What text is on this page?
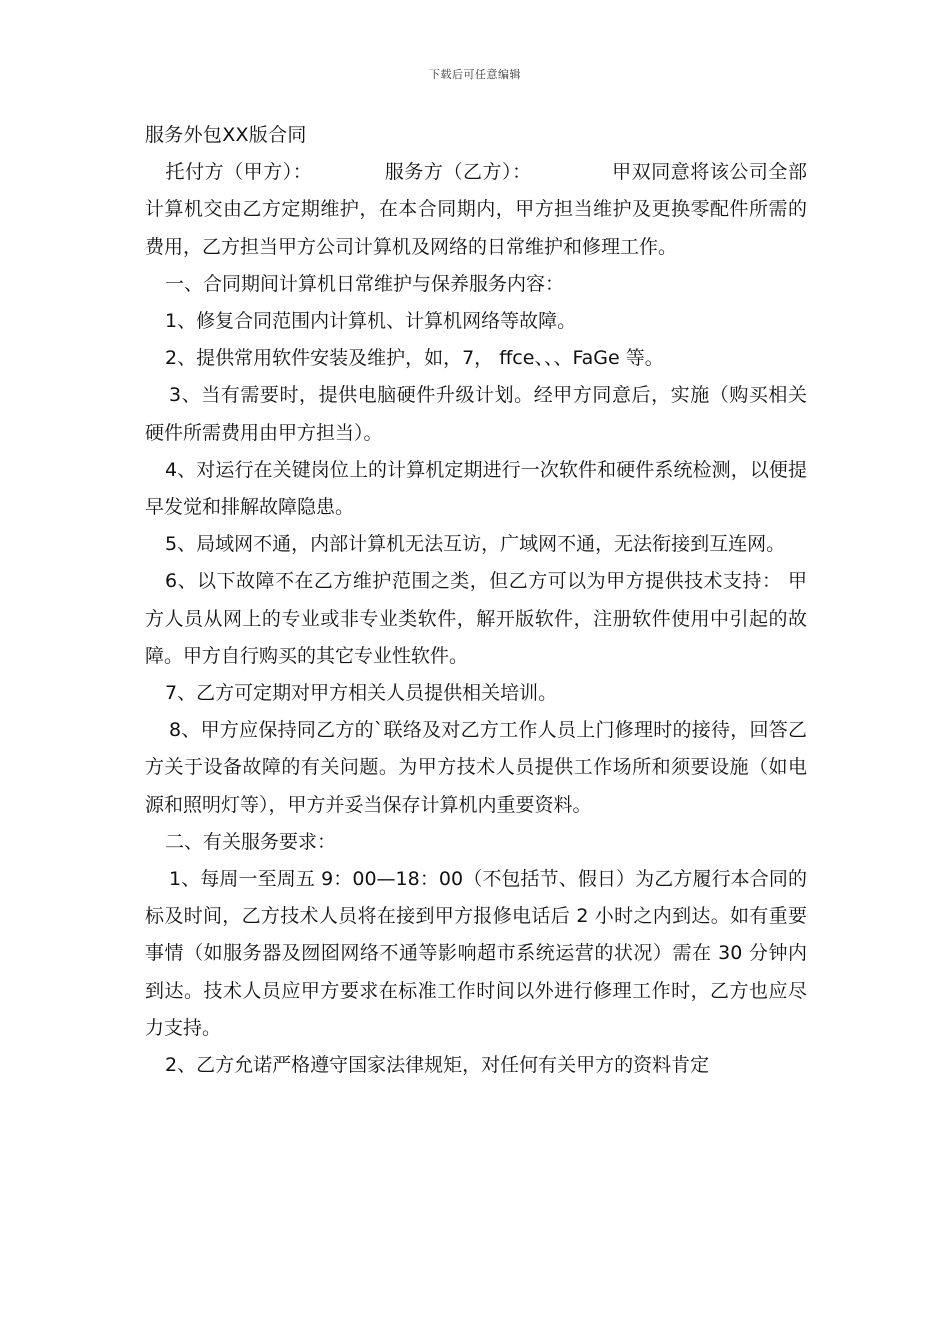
下载后可任意编辑

服务外包XX版合同

托付方（甲方）：	服务方（乙方）：	甲双同意将该公司全部计算机交由乙方定期维护，在本合同期内，甲方担当维护及更换零配件所需的费用，乙方担当甲方公司计算机及网络的日常维护和修理工作。

一、合同期间计算机日常维护与保养服务内容：

1、修复合同范围内计算机、计算机网络等故障。

2、提供常用软件安装及维护，如，7， ffce、、、FaGe 等。

3、当有需要时，提供电脑硬件升级计划。经甲方同意后，实施（购买相关硬件所需费用由甲方担当）。

4、对运行在关键岗位上的计算机定期进行一次软件和硬件系统检测，以便提早发觉和排解故障隐患。

5、局域网不通，内部计算机无法互访，广域网不通，无法衔接到互连网。

6、以下故障不在乙方维护范围之类，但乙方可以为甲方提供技术支持： 甲方人员从网上的专业或非专业类软件，解开版软件，注册软件使用中引起的故障。甲方自行购买的其它专业性软件。

7、乙方可定期对甲方相关人员提供相关培训。

8、甲方应保持同乙方的`联络及对乙方工作人员上门修理时的接待，回答乙方关于设备故障的有关问题。为甲方技术人员提供工作场所和须要设施（如电源和照明灯等），甲方并妥当保存计算机内重要资料。

二、有关服务要求：

1、每周一至周五 9：00—18：00（不包括节、假日）为乙方履行本合同的标及时间，乙方技术人员将在接到甲方报修电话后 2 小时之内到达。如有重要事情（如服务器及囫囵网络不通等影响超市系统运营的状况）需在 30 分钟内到达。技术人员应甲方要求在标准工作时间以外进行修理工作时，乙方也应尽力支持。

2、乙方允诺严格遵守国家法律规矩，对任何有关甲方的资料肯定
